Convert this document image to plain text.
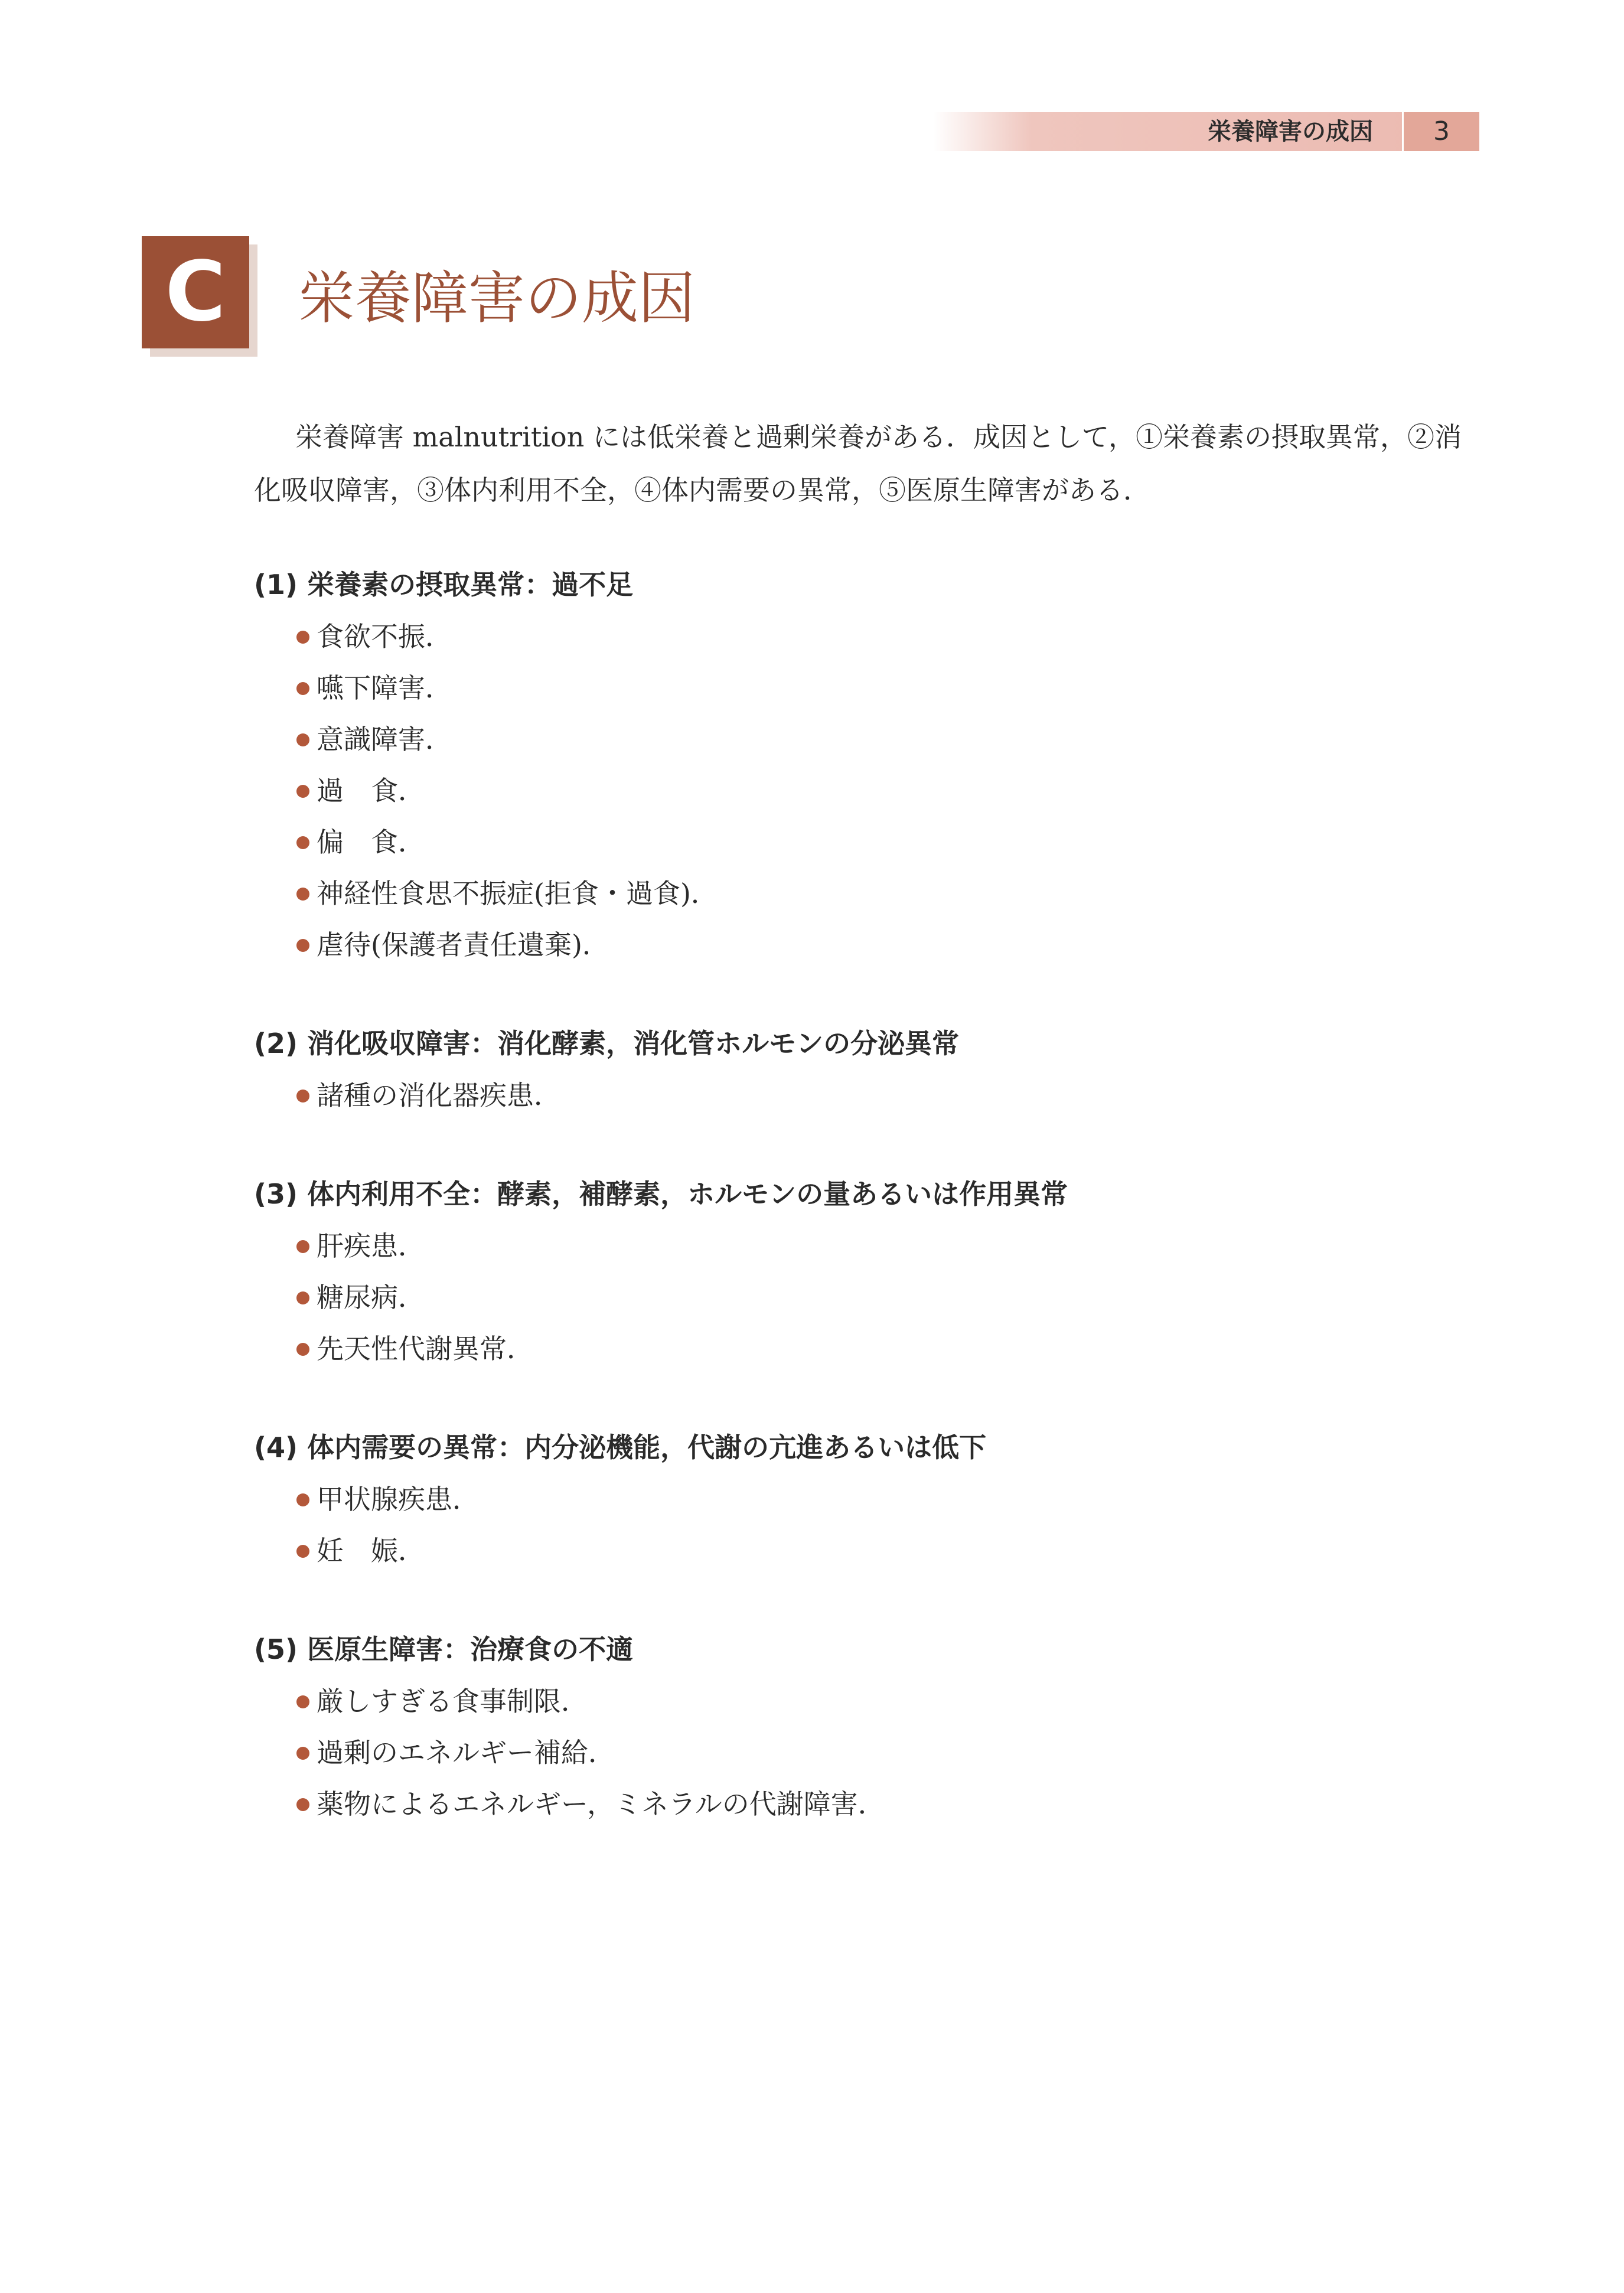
栄養障害の成因	3
C	栄養障害の成因

栄養障害 malnutrition には低栄養と過剰栄養がある．成因として，①栄養素の摂取異常，②消化吸収障害，③体内利用不全，④体内需要の異常，⑤医原生障害がある．

(1) 栄養素の摂取異常：過不足
食欲不振．
嚥下障害．
意識障害．
過　食．
偏　食．
神経性食思不振症(拒食・過食)．
虐待(保護者責任遺棄)．
(2) 消化吸収障害：消化酵素，消化管ホルモンの分泌異常
諸種の消化器疾患．
(3) 体内利用不全：酵素，補酵素，ホルモンの量あるいは作用異常
肝疾患．
糖尿病．
先天性代謝異常．
(4) 体内需要の異常：内分泌機能，代謝の亢進あるいは低下
甲状腺疾患．
妊　娠．
(5) 医原生障害：治療食の不適
厳しすぎる食事制限．
過剰のエネルギー補給．
薬物によるエネルギー，ミネラルの代謝障害．
